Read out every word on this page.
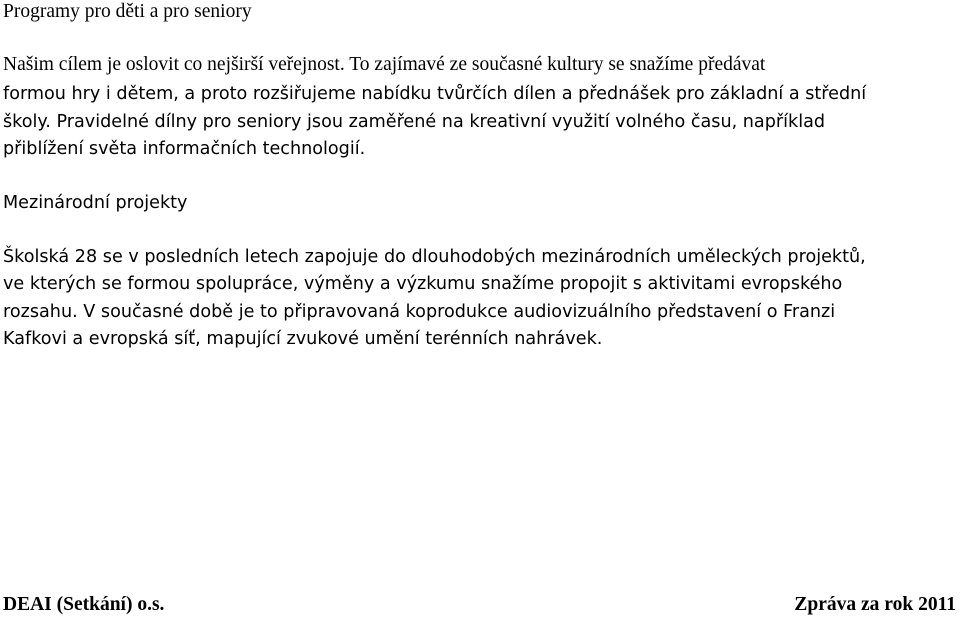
Programy pro děti a pro seniory
Našim cílem je oslovit co nejširší veřejnost. To zajímavé ze současné kultury se snažíme předávat
formou hry i dětem, a proto rozšiřujeme nabídku tvůrčích dílen a přednášek pro základní a střední
školy. Pravidelné dílny pro seniory jsou zaměřené na kreativní využití volného času, například
přiblížení světa informačních technologií.
Mezinárodní projekty
Školská 28 se v posledních letech zapojuje do dlouhodobých mezinárodních uměleckých projektů,
ve kterých se formou spolupráce, výměny a výzkumu snažíme propojit s aktivitami evropského
rozsahu. V současné době je to připravovaná koprodukce audiovizuálního představení o Franzi
Kafkovi a evropská síť, mapující zvukové umění terénních nahrávek.
DEAI (Setkání) o.s.	Zpráva za rok 2011
